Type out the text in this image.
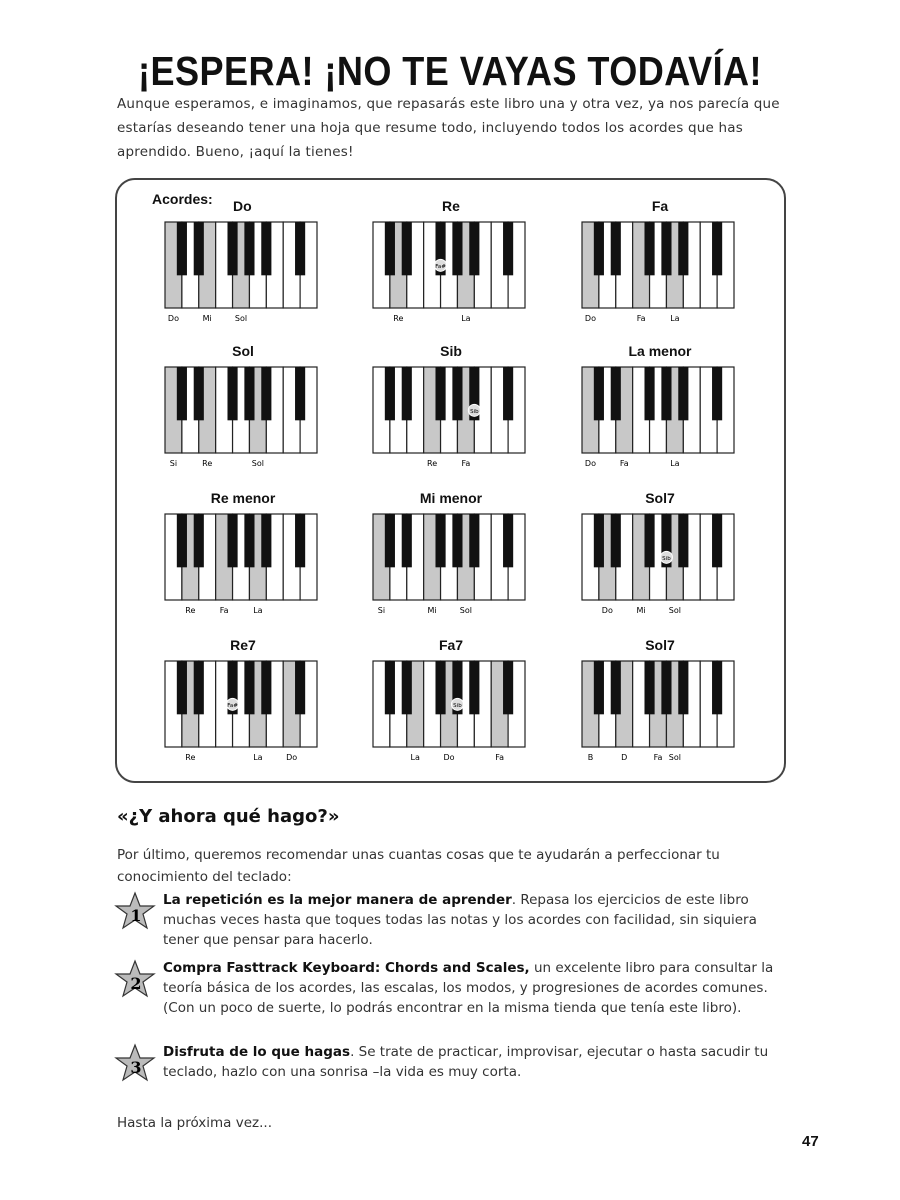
¡ESPERA! ¡NO TE VAYAS TODAVÍA!
Aunque esperamos, e imaginamos, que repasarás este libro una y otra vez, ya nos parecía que estarías deseando tener una hoja que resume todo, incluyendo todos los acordes que has aprendido. Bueno, ¡aquí la tienes!
Acordes:	Do
Do	Mi	Sol
Re
Fa#
Re	La
Fa
Do	Fa	La
Sol
Si	Re	Sol
Sib
Sib
Re	Fa
La menor
Do	Fa	La
Re menor
Re	Fa	La
Mi menor
Si	Mi	Sol
Sol7
Sib
Do	Mi	Sol
Re7
Fa#
Re	La	Do
Fa7
Sib
La	Do	Fa
Sol7
B	D	Fa Sol
«¿Y ahora qué hago?»
Por último, queremos recomendar unas cuantas cosas que te ayudarán a perfeccionar tu conocimiento del teclado:
1
La repetición es la mejor manera de aprender. Repasa los ejercicios de este libro muchas veces hasta que toques todas las notas y los acordes con facilidad, sin siquiera tener que pensar para hacerlo.
2
Compra Fasttrack Keyboard: Chords and Scales, un excelente libro para consultar la teoría básica de los acordes, las escalas, los modos, y progresiones de acordes comunes. (Con un poco de suerte, lo podrás encontrar en la misma tienda que tenía este libro).
3
Disfruta de lo que hagas. Se trate de practicar, improvisar, ejecutar o hasta sacudir tu teclado, hazlo con una sonrisa –la vida es muy corta.
Hasta la próxima vez...
47
